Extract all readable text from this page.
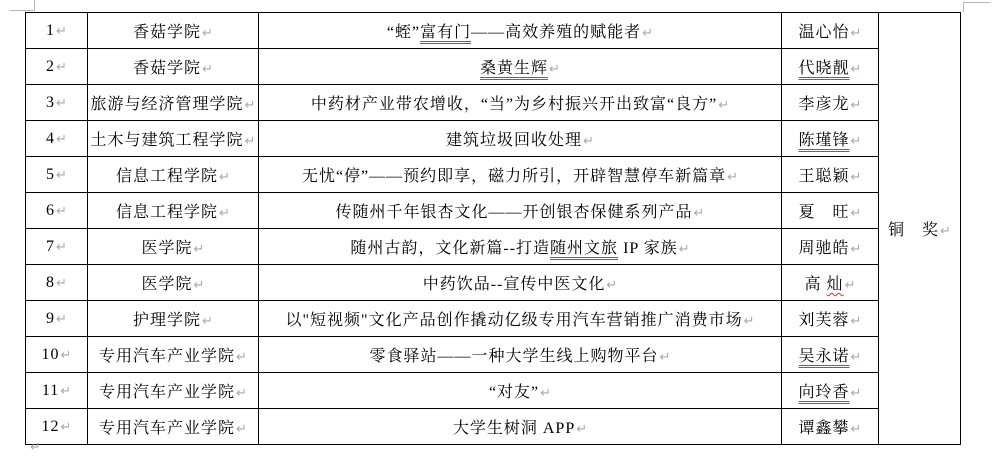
1↵	香菇学院↵	“蛭”富有门——高效养殖的赋能者↵	温心怡↵	铜　奖↵
2↵	香菇学院↵	桑黄生辉↵	代晓靓↵	
3↵	旅游与经济管理学院↵	中药材产业带农增收，“当”为乡村振兴开出致富“良方”↵	李彦龙↵	
4↵	土木与建筑工程学院↵	建筑垃圾回收处理↵	陈瑾锋↵	
5↵	信息工程学院↵	无忧“停”——预约即享，磁力所引，开辟智慧停车新篇章↵	王聪颖↵	
6↵	信息工程学院↵	传随州千年银杏文化——开创银杏保健系列产品↵	夏　旺↵	
7↵	医学院↵	随州古韵，文化新篇--打造随州文旅 IP 家族↵	周驰皓↵	
8↵	医学院↵	中药饮品--宣传中医文化↵	高 灿↵	
9↵	护理学院↵	以"短视频"文化产品创作撬动亿级专用汽车营销推广消费市场↵	刘芙蓉↵	
10↵	专用汽车产业学院↵	零食驿站——一种大学生线上购物平台↵	吴永诺↵	
11↵	专用汽车产业学院↵	“对友”↵	向玲香↵	
12↵	专用汽车产业学院↵	大学生树洞 APP↵	谭鑫攀↵	
↵
